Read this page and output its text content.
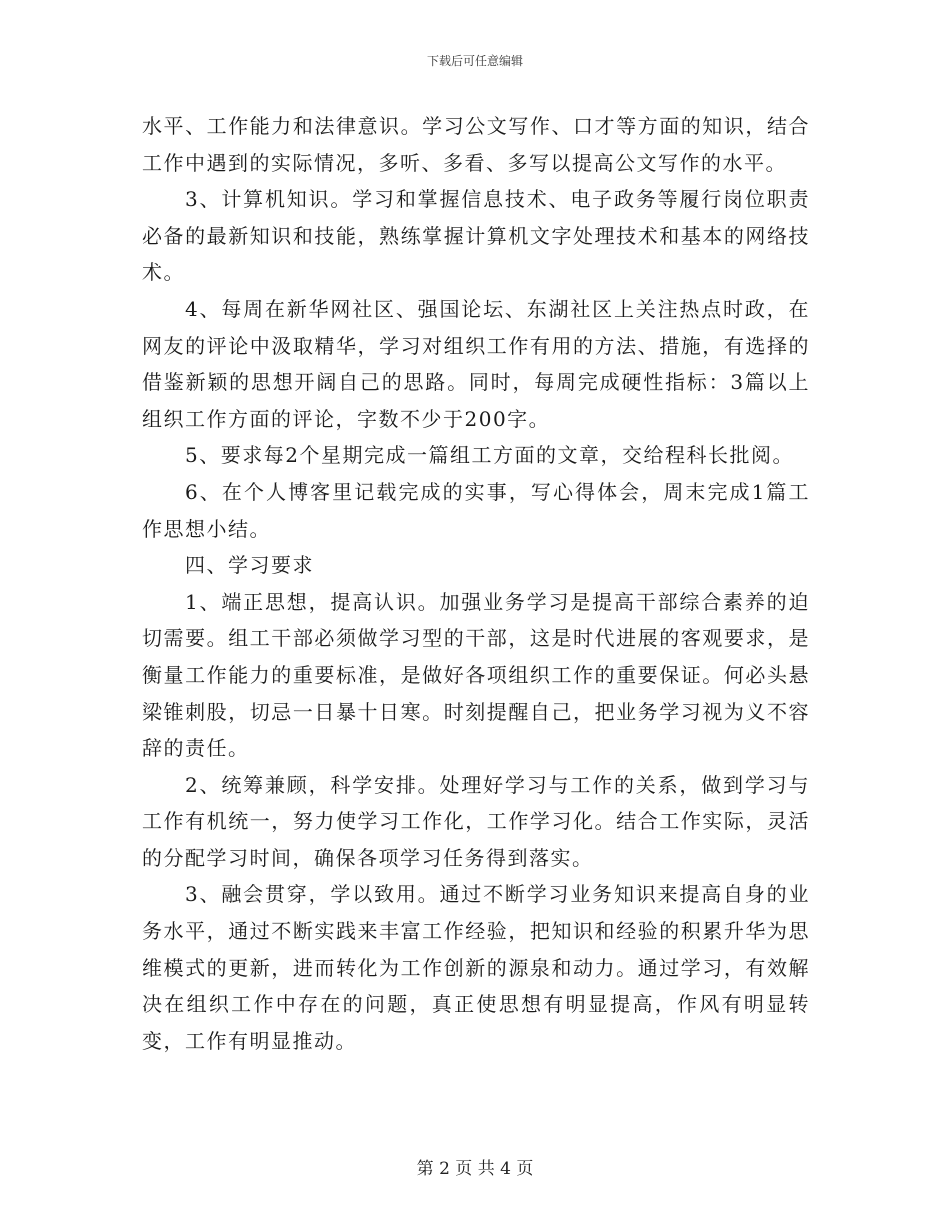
下载后可任意编辑

水平、工作能力和法律意识。学习公文写作、口才等方面的知识，结合工作中遇到的实际情况，多听、多看、多写以提高公文写作的水平。

3、计算机知识。学习和掌握信息技术、电子政务等履行岗位职责必备的最新知识和技能，熟练掌握计算机文字处理技术和基本的网络技术。

4、每周在新华网社区、强国论坛、东湖社区上关注热点时政，在网友的评论中汲取精华，学习对组织工作有用的方法、措施，有选择的借鉴新颖的思想开阔自己的思路。同时，每周完成硬性指标：3篇以上组织工作方面的评论，字数不少于200字。

5、要求每2个星期完成一篇组工方面的文章，交给程科长批阅。

6、在个人博客里记载完成的实事，写心得体会，周末完成1篇工作思想小结。

四、学习要求

1、端正思想，提高认识。加强业务学习是提高干部综合素养的迫切需要。组工干部必须做学习型的干部，这是时代进展的客观要求，是衡量工作能力的重要标准，是做好各项组织工作的重要保证。何必头悬梁锥刺股，切忌一日暴十日寒。时刻提醒自己，把业务学习视为义不容辞的责任。

2、统筹兼顾，科学安排。处理好学习与工作的关系，做到学习与工作有机统一，努力使学习工作化，工作学习化。结合工作实际，灵活的分配学习时间，确保各项学习任务得到落实。

3、融会贯穿，学以致用。通过不断学习业务知识来提高自身的业务水平，通过不断实践来丰富工作经验，把知识和经验的积累升华为思维模式的更新，进而转化为工作创新的源泉和动力。通过学习，有效解决在组织工作中存在的问题，真正使思想有明显提高，作风有明显转变，工作有明显推动。

第 2 页 共 4 页
